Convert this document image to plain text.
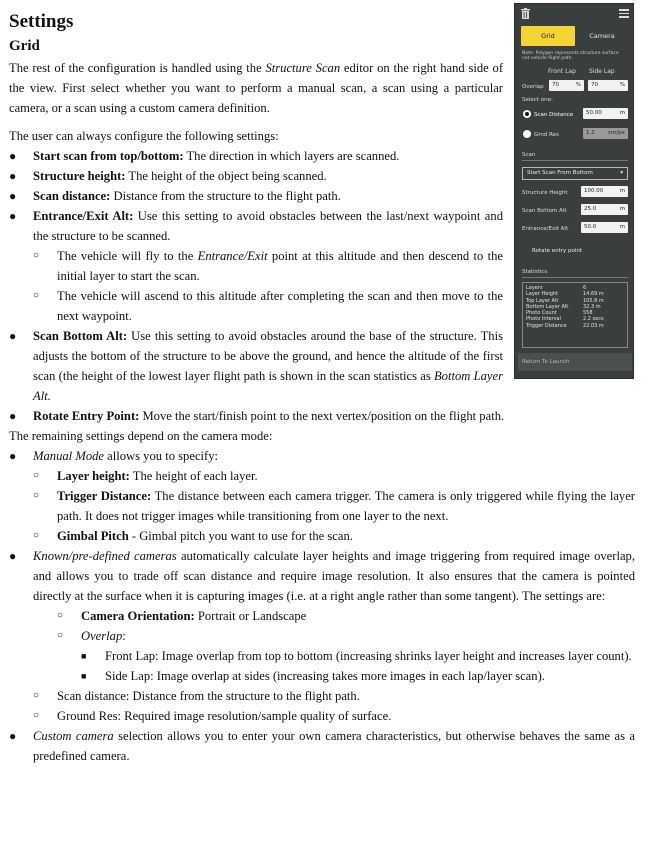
Settings
Grid
The rest of the configuration is handled using the Structure Scan editor on the right hand side of the view. First select whether you want to perform a manual scan, a scan using a particular camera, or a scan using a custom camera definition.
The user can always configure the following settings:
● Start scan from top/bottom: The direction in which layers are scanned.
● Structure height: The height of the object being scanned.
● Scan distance: Distance from the structure to the flight path.
● Entrance/Exit Alt: Use this setting to avoid obstacles between the last/next waypoint and the structure to be scanned.
○ The vehicle will fly to the Entrance/Exit point at this altitude and then descend to the initial layer to start the scan.
○ The vehicle will ascend to this altitude after completing the scan and then move to the next waypoint.
● Scan Bottom Alt: Use this setting to avoid obstacles around the base of the structure. This adjusts the bottom of the structure to be above the ground, and hence the altitude of the first scan (the height of the lowest layer flight path is shown in the scan statistics as Bottom Layer Alt.
● Rotate Entry Point: Move the start/finish point to the next vertex/position on the flight path.
The remaining settings depend on the camera mode:
● Manual Mode allows you to specify:
○ Layer height: The height of each layer.
○ Trigger Distance: The distance between each camera trigger. The camera is only triggered while flying the layer path. It does not trigger images while transitioning from one layer to the next.
○ Gimbal Pitch - Gimbal pitch you want to use for the scan.
● Known/pre-defined cameras automatically calculate layer heights and image triggering from required image overlap, and allows you to trade off scan distance and require image resolution. It also ensures that the camera is pointed directly at the surface when it is capturing images (i.e. at a right angle rather than some tangent). The settings are:
○ Camera Orientation: Portrait or Landscape
○ Overlap:
■ Front Lap: Image overlap from top to bottom (increasing shrinks layer height and increases layer count).
■ Side Lap: Image overlap at sides (increasing takes more images in each lap/layer scan).
○ Scan distance: Distance from the structure to the flight path.
○ Ground Res: Required image resolution/sample quality of surface.
● Custom camera selection allows you to enter your own camera characteristics, but otherwise behaves the same as a predefined camera.
Grid	Camera
Note: Polygon represents structure surface not vehicle flight path.
Front Lap Side Lap
Overlap	70	%	70	%
Select one:
Scan Distance	50.00	m
Grnd Res	1.2 cm/px
Scan
Start Scan From Bottom	▾
Structure Height	100.00	m
Scan Bottom Alt	25.0	m
Entrance/Exit Alt	50.0	m
Rotate entry point
Statistics
Layers	6
Layer Height	14.69 m
Top Layer Alt	105.8 m
Bottom Layer Alt	32.3 m
Photo Count	558
Photo Interval	2.2 secs
Trigger Distance	22.03 m
Return To Launch
